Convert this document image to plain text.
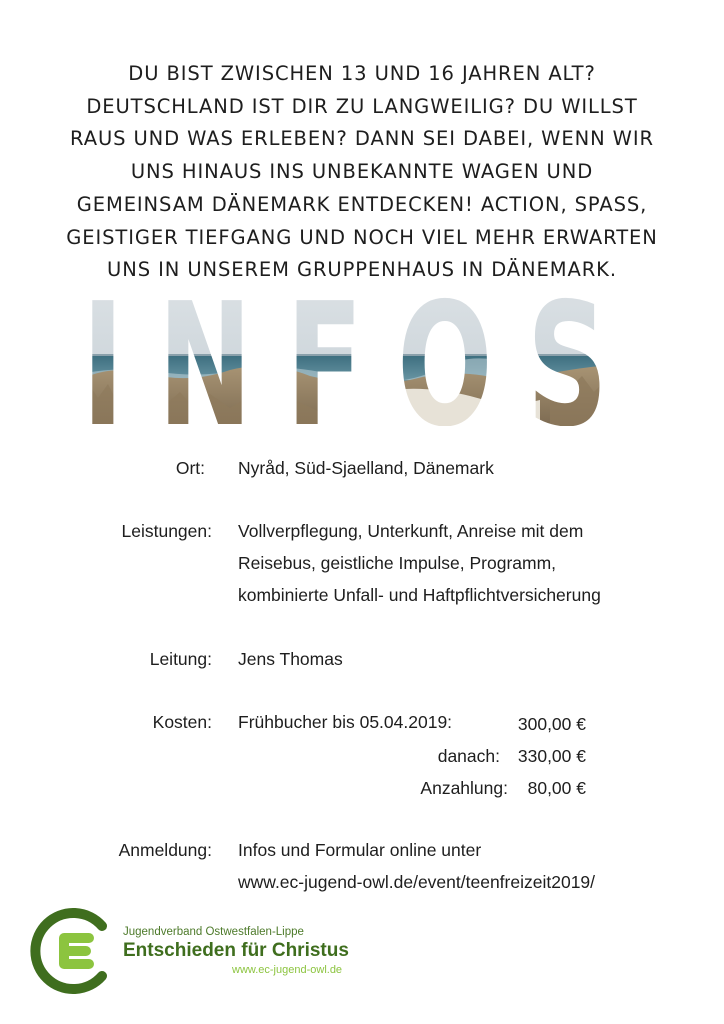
DU BIST ZWISCHEN 13 UND 16 JAHREN ALT?
DEUTSCHLAND IST DIR ZU LANGWEILIG? DU WILLST
RAUS UND WAS ERLEBEN? DANN SEI DABEI, WENN WIR
UNS HINAUS INS UNBEKANNTE WAGEN UND
GEMEINSAM DÄNEMARK ENTDECKEN! ACTION, SPASS,
GEISTIGER TIEFGANG UND NOCH VIEL MEHR ERWARTEN
UNS IN UNSEREM GRUPPENHAUS IN DÄNEMARK.
Ort: Nyråd, Süd-Sjaelland, Dänemark
Leistungen: Vollverpflegung, Unterkunft, Anreise mit dem
Reisebus, geistliche Impulse, Programm,
kombinierte Unfall- und Haftpflichtversicherung
Leitung: Jens Thomas
Kosten: Frühbucher bis 05.04.2019:	300,00 €
danach: 330,00 €
Anzahlung: 80,00 €
Anmeldung: Infos und Formular online unter
www.ec-jugend-owl.de/event/teenfreizeit2019/
Jugendverband Ostwestfalen-Lippe
Entschieden für Christus
www.ec-jugend-owl.de
